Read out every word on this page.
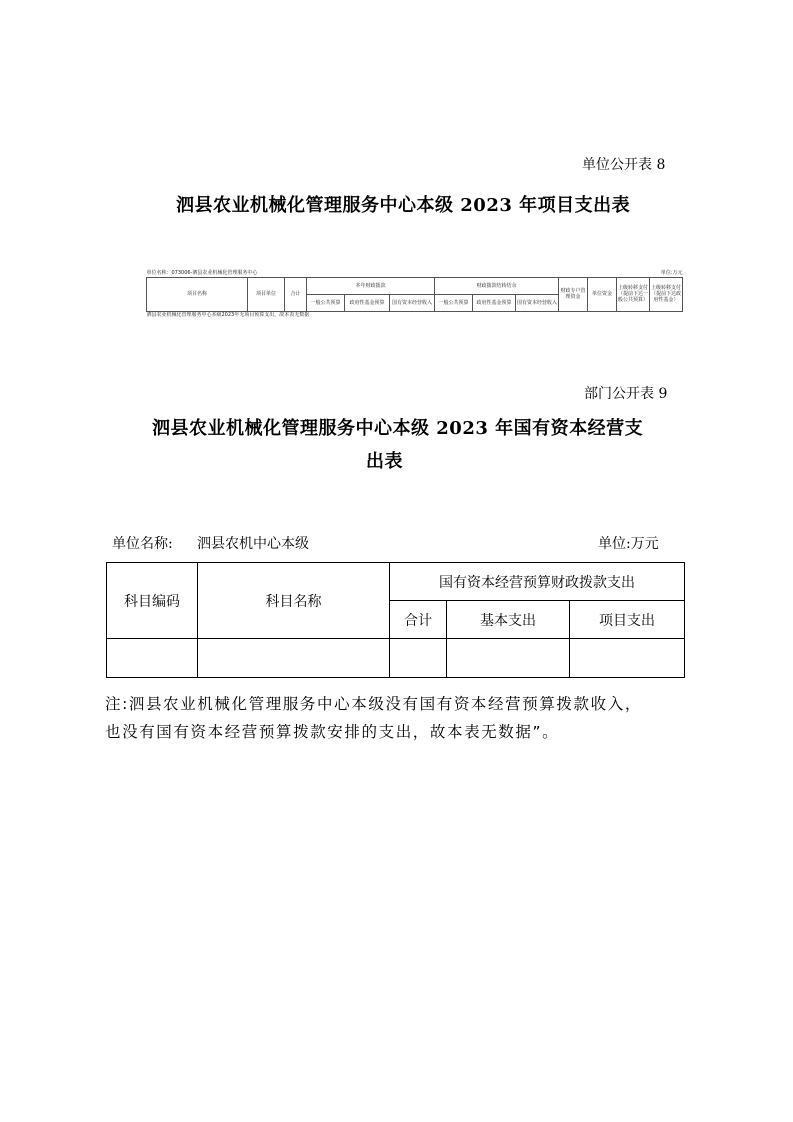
单位公开表 8
泗县农业机械化管理服务中心本级 2023 年项目支出表
单位名称：073006-泗县农业机械化管理服务中心											单位:万元	
项目名称	项目单位	合计	本年财政拨款			财政拨款结转结余			财政专户管理资金	单位资金	上级转移支付（提前下达一般公共预算）	上级转移支付（提前下达政府性基金）
			一般公共预算	政府性基金预算	国有资本经营收入	一般公共预算	政府性基金预算	国有资本经营收入				
泗县农业机械化管理服务中心本级2023年无项目预算支出，故本表无数据												
部门公开表 9
泗县农业机械化管理服务中心本级 2023 年国有资本经营支
出表
单位名称: 泗县农机中心本级	单位:万元
科目编码	科目名称	国有资本经营预算财政拨款支出		
		合计	基本支出	项目支出

注:泗县农业机械化管理服务中心本级没有国有资本经营预算拨款收入，
也没有国有资本经营预算拨款安排的支出，故本表无数据”。
